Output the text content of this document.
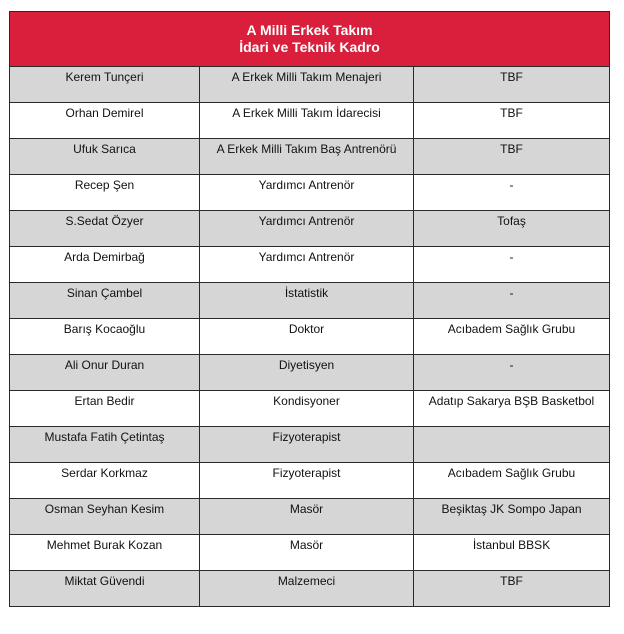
A Milli Erkek Takım
İdari ve Teknik Kadro		

Kerem Tunçeri	A Erkek Milli Takım Menajeri	TBF
Orhan Demirel	A Erkek Milli Takım İdarecisi	TBF
Ufuk Sarıca	A Erkek Milli Takım Baş Antrenörü	TBF
Recep Şen	Yardımcı Antrenör	-
S.Sedat Özyer	Yardımcı Antrenör	Tofaş
Arda Demirbağ	Yardımcı Antrenör	-
Sinan Çambel	İstatistik	-
Barış Kocaoğlu	Doktor	Acıbadem Sağlık Grubu
Ali Onur Duran	Diyetisyen	-
Ertan Bedir	Kondisyoner	Adatıp Sakarya BŞB Basketbol
Mustafa Fatih Çetintaş	Fizyoterapist	
Serdar Korkmaz	Fizyoterapist	Acıbadem Sağlık Grubu
Osman Seyhan Kesim	Masör	Beşiktaş JK Sompo Japan
Mehmet Burak Kozan	Masör	İstanbul BBSK
Miktat Güvendi	Malzemeci	TBF
